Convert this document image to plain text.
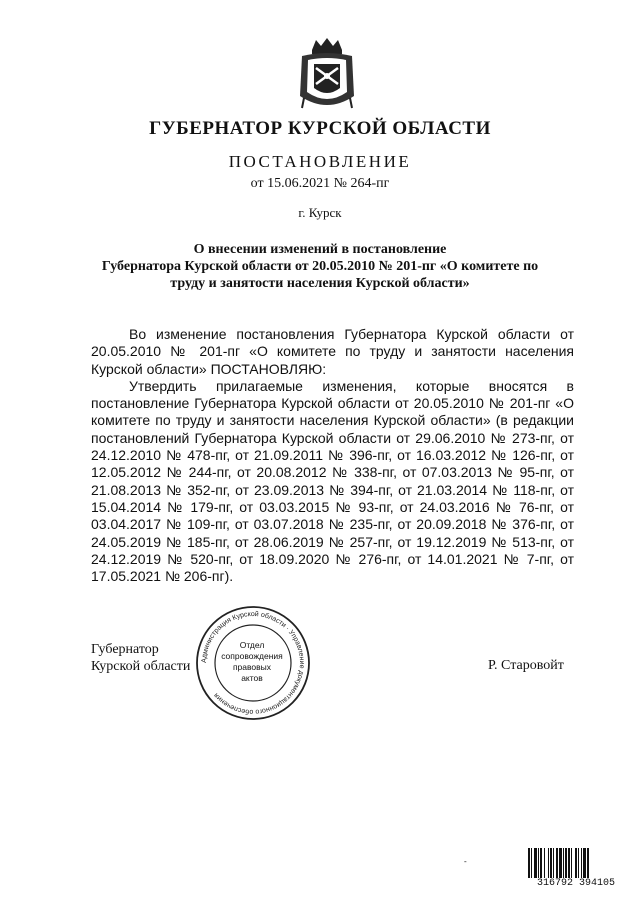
ГУБЕРНАТОР КУРСКОЙ ОБЛАСТИ
ПОСТАНОВЛЕНИЕ
от 15.06.2021 № 264-пг
г. Курск
О внесении изменений в постановление
Губернатора Курской области от 20.05.2010 № 201-пг «О комитете по
труду и занятости населения Курской области»

Во изменение постановления Губернатора Курской области от 20.05.2010 № 201-пг «О комитете по труду и занятости населения Курской области» ПОСТАНОВЛЯЮ:

Утвердить прилагаемые изменения, которые вносятся в постановление Губернатора Курской области от 20.05.2010 № 201-пг «О комитете по труду и занятости населения Курской области» (в редакции постановлений Губернатора Курской области от 29.06.2010 № 273-пг, от 24.12.2010 № 478-пг, от 21.09.2011 № 396-пг, от 16.03.2012 № 126-пг, от 12.05.2012 № 244-пг, от 20.08.2012 № 338-пг, от 07.03.2013 № 95-пг, от 21.08.2013 № 352-пг, от 23.09.2013 № 394-пг, от 21.03.2014 № 118-пг, от 15.04.2014 № 179-пг, от 03.03.2015 № 93-пг, от 24.03.2016 № 76-пг, от 03.04.2017 № 109-пг, от 03.07.2018 № 235-пг, от 20.09.2018 № 376-пг, от 24.05.2019 № 185-пг, от 28.06.2019 № 257-пг, от 19.12.2019 № 513-пг, от 24.12.2019 № 520-пг, от 18.09.2020 № 276-пг, от 14.01.2021 № 7-пг, от 17.05.2021 № 206-пг).

Губернатор
Курской области	Р. Старовойт
Администрация Курской области · Управление документационного обеспечения
Отдел
сопровождения
правовых
актов
-
316792 394105
